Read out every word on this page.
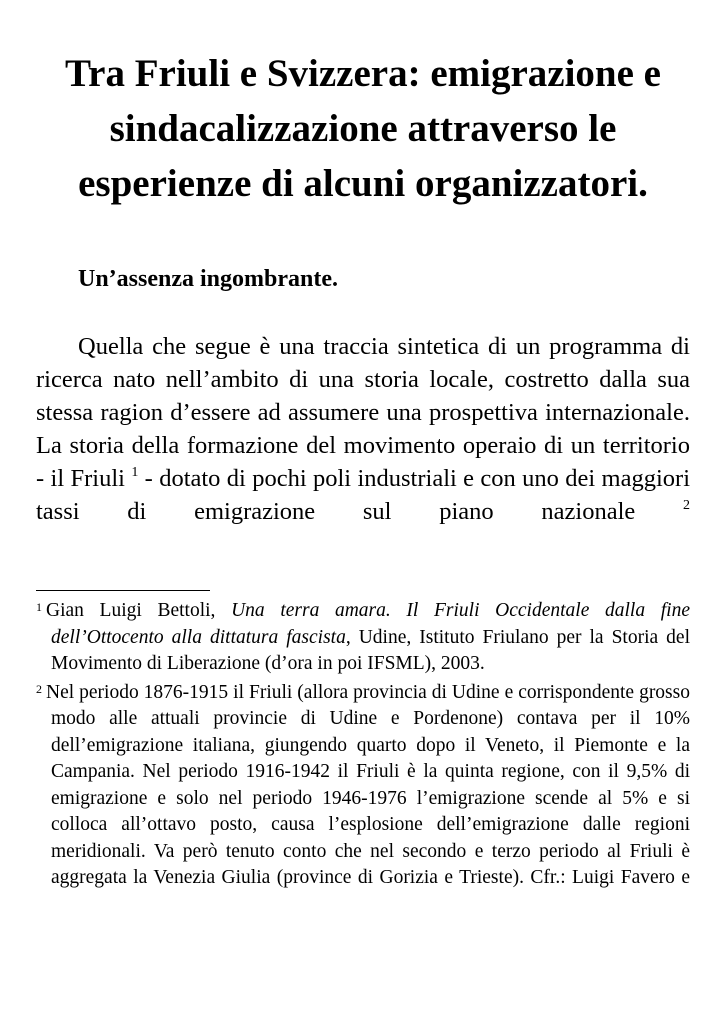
Tra Friuli e Svizzera: emigrazione e sindacalizzazione attraverso le esperienze di alcuni organizzatori.

Un’assenza ingombrante.

Quella che segue è una traccia sintetica di un programma di ricerca nato nell’ambito di una storia locale, costretto dalla sua stessa ragion d’essere ad assumere una prospettiva internazionale. La storia della formazione del movimento operaio di un territorio - il Friuli $^1$ - dotato di pochi poli industriali e con uno dei maggiori tassi di emigrazione sul piano nazionale $^2$

$^1$ Gian Luigi Bettoli, Una terra amara. Il Friuli Occidentale dalla fine dell’Ottocento alla dittatura fascista, Udine, Istituto Friulano per la Storia del Movimento di Liberazione (d’ora in poi IFSML), 2003.

$^2$ Nel periodo 1876-1915 il Friuli (allora provincia di Udine e corrispondente grosso modo alle attuali provincie di Udine e Pordenone) contava per il 10% dell’emigrazione italiana, giungendo quarto dopo il Veneto, il Piemonte e la Campania. Nel periodo 1916-1942 il Friuli è la quinta regione, con il 9,5% di emigrazione e solo nel periodo 1946-1976 l’emigrazione scende al 5% e si colloca all’ottavo posto, causa l’esplosione dell’emigrazione dalle regioni meridionali. Va però tenuto conto che nel secondo e terzo periodo al Friuli è aggregata la Venezia Giulia (province di Gorizia e Trieste). Cfr.: Luigi Favero e
